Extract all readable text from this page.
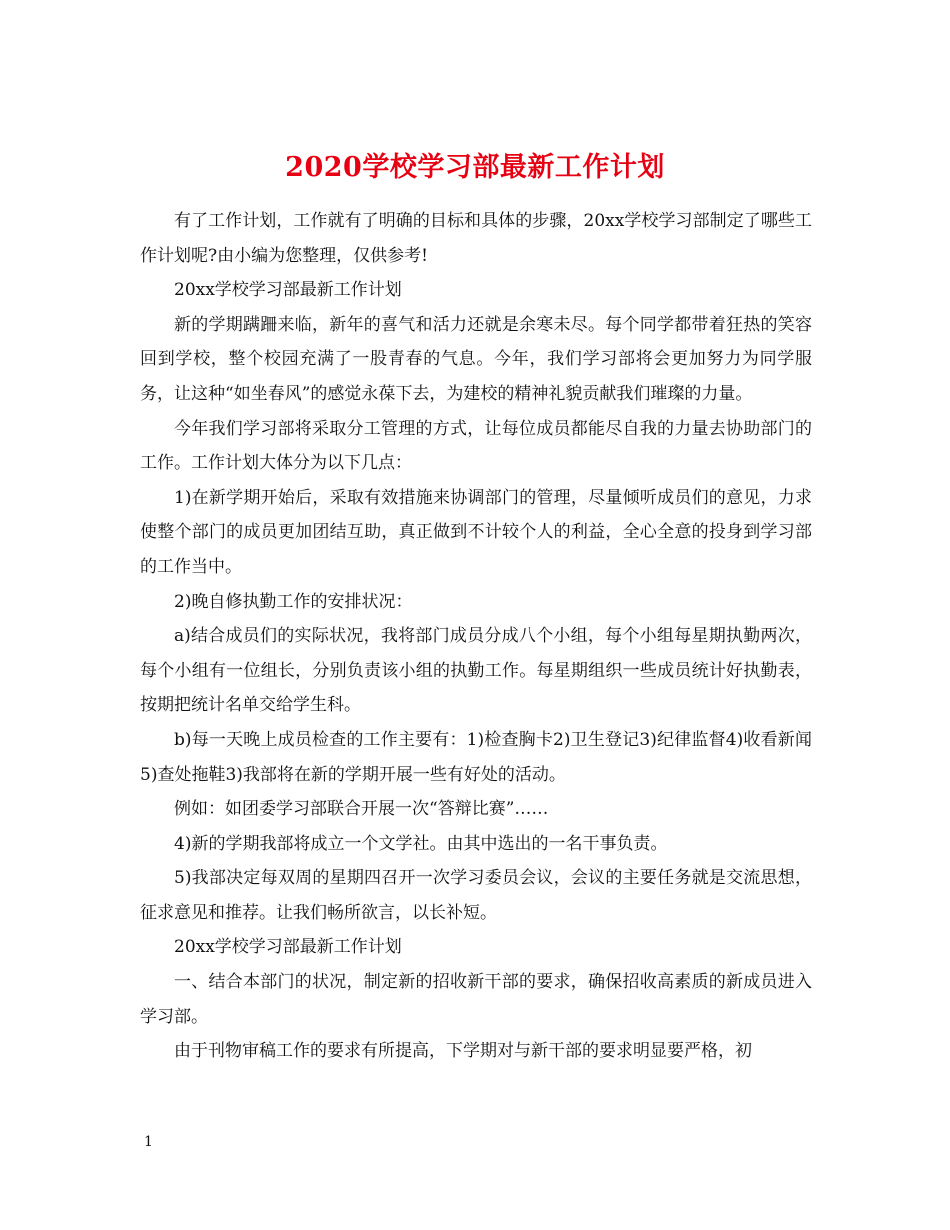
2020学校学习部最新工作计划

有了工作计划，工作就有了明确的目标和具体的步骤，20xx学校学习部制定了哪些工作计划呢?由小编为您整理，仅供参考!

20xx学校学习部最新工作计划

新的学期蹒跚来临，新年的喜气和活力还就是余寒未尽。每个同学都带着狂热的笑容回到学校，整个校园充满了一股青春的气息。今年，我们学习部将会更加努力为同学服务，让这种“如坐春风”的感觉永葆下去，为建校的精神礼貌贡献我们璀璨的力量。

今年我们学习部将采取分工管理的方式，让每位成员都能尽自我的力量去协助部门的工作。工作计划大体分为以下几点：

1)在新学期开始后，采取有效措施来协调部门的管理，尽量倾听成员们的意见，力求使整个部门的成员更加团结互助，真正做到不计较个人的利益，全心全意的投身到学习部的工作当中。

2)晚自修执勤工作的安排状况：

a)结合成员们的实际状况，我将部门成员分成八个小组，每个小组每星期执勤两次，每个小组有一位组长，分别负责该小组的执勤工作。每星期组织一些成员统计好执勤表，按期把统计名单交给学生科。

b)每一天晚上成员检查的工作主要有：1)检查胸卡2)卫生登记3)纪律监督4)收看新闻5)查处拖鞋3)我部将在新的学期开展一些有好处的活动。

例如：如团委学习部联合开展一次“答辩比赛”……

4)新的学期我部将成立一个文学社。由其中选出的一名干事负责。

5)我部决定每双周的星期四召开一次学习委员会议，会议的主要任务就是交流思想，征求意见和推荐。让我们畅所欲言，以长补短。

20xx学校学习部最新工作计划

一、结合本部门的状况，制定新的招收新干部的要求，确保招收高素质的新成员进入学习部。

由于刊物审稿工作的要求有所提高，下学期对与新干部的要求明显要严格，初

1
